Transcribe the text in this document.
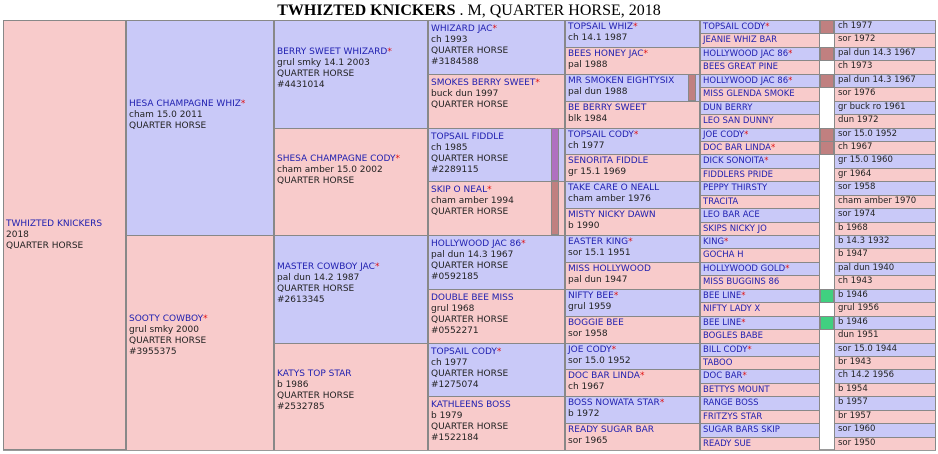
TWHIZTED KNICKERS . M, QUARTER HORSE, 2018
TWHIZTED KNICKERS
2018
QUARTER HORSE
HESA CHAMPAGNE WHIZ*
cham 15.0 2011
QUARTER HORSE
SOOTY COWBOY*
grul smky 2000
QUARTER HORSE
#3955375
BERRY SWEET WHIZARD*
grul smky 14.1 2003
QUARTER HORSE
#4431014
SHESA CHAMPAGNE CODY*
cham amber 15.0 2002
QUARTER HORSE
MASTER COWBOY JAC*
pal dun 14.2 1987
QUARTER HORSE
#2613345
KATYS TOP STAR
b 1986
QUARTER HORSE
#2532785
WHIZARD JAC*
ch 1993
QUARTER HORSE
#3184588
SMOKES BERRY SWEET*
buck dun 1997
QUARTER HORSE
TOPSAIL FIDDLE
ch 1985
QUARTER HORSE
#2289115
SKIP O NEAL*
cham amber 1994
QUARTER HORSE
HOLLYWOOD JAC 86*
pal dun 14.3 1967
QUARTER HORSE
#0592185
DOUBLE BEE MISS
grul 1968
QUARTER HORSE
#0552271
TOPSAIL CODY*
ch 1977
QUARTER HORSE
#1275074
KATHLEENS BOSS
b 1979
QUARTER HORSE
#1522184
TOPSAIL WHIZ*
ch 14.1 1987
BEES HONEY JAC*
pal 1988
MR SMOKEN EIGHTYSIX
pal dun 1988
BE BERRY SWEET
blk 1984
TOPSAIL CODY*
ch 1977
SENORITA FIDDLE
gr 15.1 1969
TAKE CARE O NEALL
cham amber 1976
MISTY NICKY DAWN
b 1990
EASTER KING*
sor 15.1 1951
MISS HOLLYWOOD
pal dun 1947
NIFTY BEE*
grul 1959
BOGGIE BEE
sor 1958
JOE CODY*
sor 15.0 1952
DOC BAR LINDA*
ch 1967
BOSS NOWATA STAR*
b 1972
READY SUGAR BAR
sor 1965
TOPSAIL CODY*	ch 1977
JEANIE WHIZ BAR	sor 1972
HOLLYWOOD JAC 86*	pal dun 14.3 1967
BEES GREAT PINE	ch 1973
HOLLYWOOD JAC 86*	pal dun 14.3 1967
MISS GLENDA SMOKE	sor 1976
DUN BERRY	gr buck ro 1961
LEO SAN DUNNY	dun 1972
JOE CODY*	sor 15.0 1952
DOC BAR LINDA*	ch 1967
DICK SONOITA*	gr 15.0 1960
FIDDLERS PRIDE	gr 1964
PEPPY THIRSTY	sor 1958
TRACITA	cham amber 1970
LEO BAR ACE	sor 1974
SKIPS NICKY JO	b 1968
KING*	b 14.3 1932
GOCHA H	b 1947
HOLLYWOOD GOLD*	pal dun 1940
MISS BUGGINS 86	ch 1943
BEE LINE*	b 1946
NIFTY LADY X	grul 1956
BEE LINE*	b 1946
BOGLES BABE	dun 1951
BILL CODY*	sor 15.0 1944
TABOO	br 1943
DOC BAR*	ch 14.2 1956
BETTYS MOUNT	b 1954
RANGE BOSS	b 1957
FRITZYS STAR	br 1957
SUGAR BARS SKIP	sor 1960
READY SUE	sor 1950
